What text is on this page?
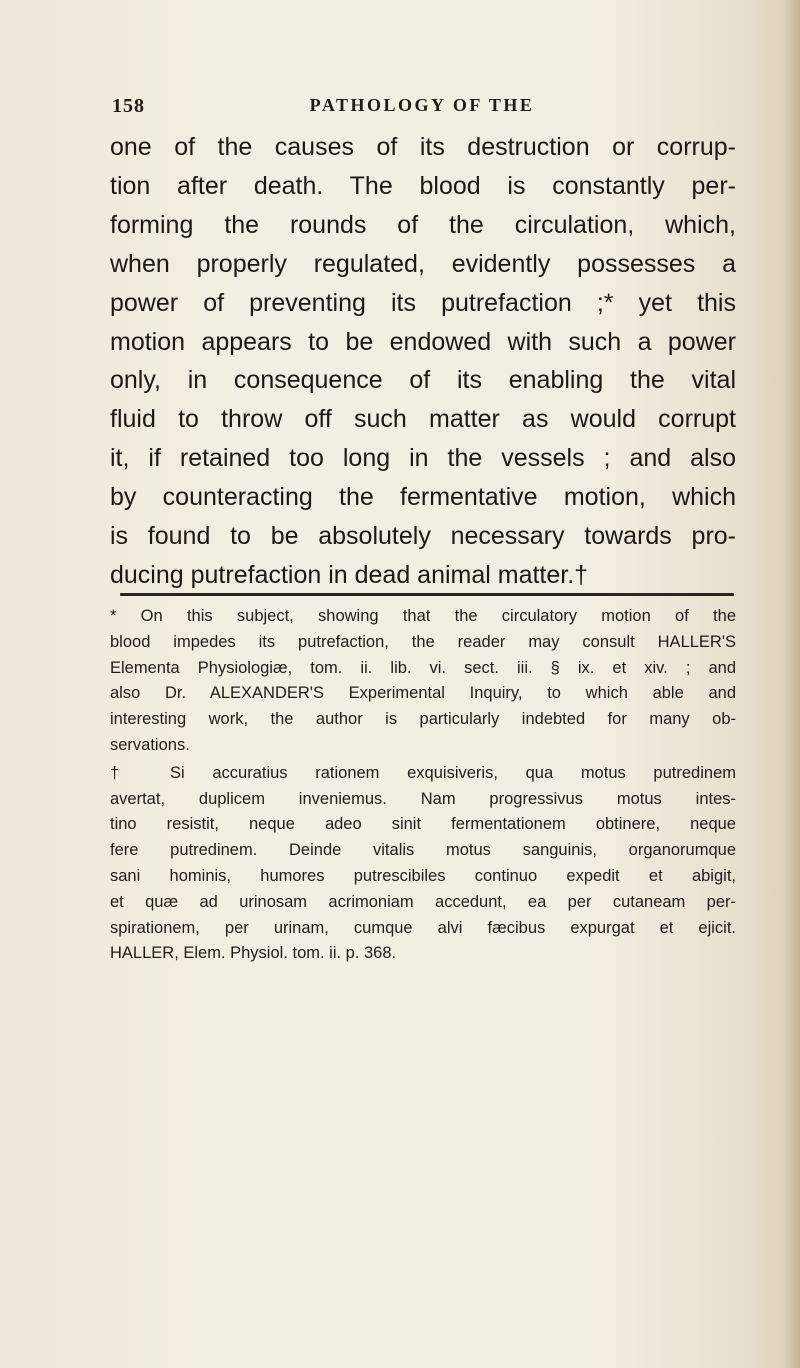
158	PATHOLOGY OF THE
one of the causes of its destruction or corrup-
tion after death. The blood is constantly per-
forming the rounds of the circulation, which,
when properly regulated, evidently possesses a
power of preventing its putrefaction ;* yet this
motion appears to be endowed with such a power
only, in consequence of its enabling the vital
fluid to throw off such matter as would corrupt
it, if retained too long in the vessels ; and also
by counteracting the fermentative motion, which
is found to be absolutely necessary towards pro-
ducing putrefaction in dead animal matter.†
* On this subject, showing that the circulatory motion of the
blood impedes its putrefaction, the reader may consult HALLER'S
Elementa Physiologiæ, tom. ii. lib. vi. sect. iii. § ix. et xiv. ; and
also Dr. ALEXANDER'S Experimental Inquiry, to which able and
interesting work, the author is particularly indebted for many ob-
servations.
† Si accuratius rationem exquisiveris, qua motus putredinem
avertat, duplicem inveniemus. Nam progressivus motus intes-
tino resistit, neque adeo sinit fermentationem obtinere, neque
fere putredinem. Deinde vitalis motus sanguinis, organorumque
sani hominis, humores putrescibiles continuo expedit et abigit,
et quæ ad urinosam acrimoniam accedunt, ea per cutaneam per-
spirationem, per urinam, cumque alvi fæcibus expurgat et ejicit.
HALLER, Elem. Physiol. tom. ii. p. 368.
